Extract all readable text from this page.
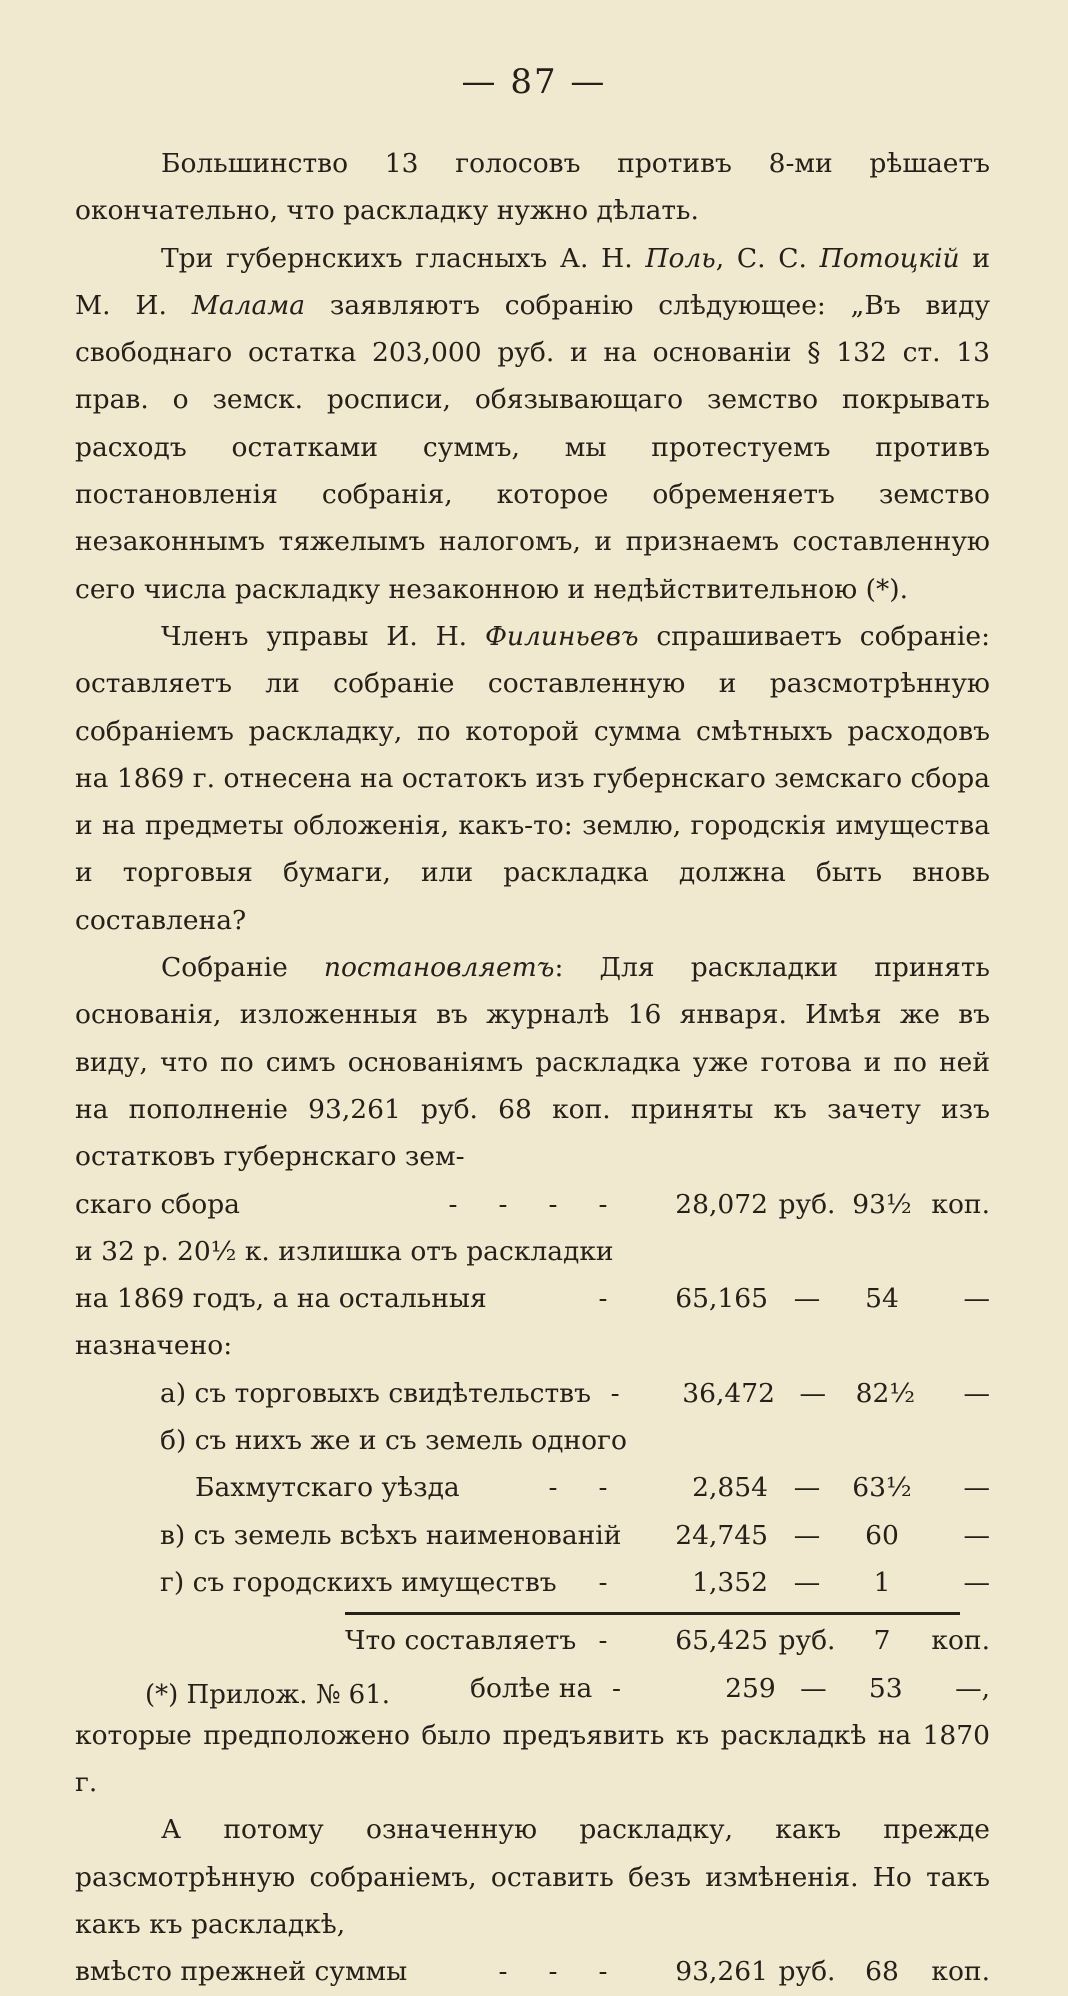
— 87 —

Большинство 13 голосовъ противъ 8-ми рѣшаетъ окончательно, что раскладку нужно дѣлать.

Три губернскихъ гласныхъ А. Н. Поль, С. С. Потоцкій и М. И. Малама заявляютъ собранію слѣдующее: „Въ виду свободнаго остатка 203,000 руб. и на основаніи § 132 ст. 13 прав. о земск. росписи, обязывающаго земство покрывать расходъ остатками суммъ, мы протестуемъ противъ постановленія собранія, которое обременяетъ земство незаконнымъ тяжелымъ налогомъ, и признаемъ составленную сего числа раскладку незаконною и недѣйствительною (*).

Членъ управы И. Н. Филиньевъ спрашиваетъ собраніе: оставляетъ ли собраніе составленную и разсмотрѣнную собраніемъ раскладку, по которой сумма смѣтныхъ расходовъ на 1869 г. отнесена на остатокъ изъ губернскаго земскаго сбора и на предметы обложенія, какъ-то: землю, городскія имущества и торговыя бумаги, или раскладка должна быть вновь составлена?

Собраніе постановляетъ: Для раскладки принять основанія, изложенныя въ журналѣ 16 января. Имѣя же въ виду, что по симъ основаніямъ раскладка уже готова и по ней на пополненіе 93,261 руб. 68 коп. приняты къ зачету изъ остатковъ губернскаго зем-

скаго сбора	-	-	-	-	28,072 руб. 93½ коп.
и 32 р. 20½ к. излишка отъ раскладки
на 1869 годъ, а на остальныя	-	65,165 —	54	—
назначено:
а) съ торговыхъ свидѣтельствъ -	36,472 —	82½	—
б) съ нихъ же и съ земель одного
Бахмутскаго уѣзда	-	-	2,854 —	63½	—
в) съ земель всѣхъ наименованій	24,745 —	60	—
г) съ городскихъ имуществъ	-	1,352 —	1	—
Что составляетъ -	65,425 руб.	7	коп.
болѣе на -	259 —	53	—,

которые предположено было предъявить къ раскладкѣ на 1870 г.

А потому означенную раскладку, какъ прежде разсмотрѣнную собраніемъ, оставить безъ измѣненія. Но такъ какъ къ раскладкѣ,

вмѣсто прежней суммы	-	-	-	93,261 руб.	68	коп.
(*) Прилож. № 61.
